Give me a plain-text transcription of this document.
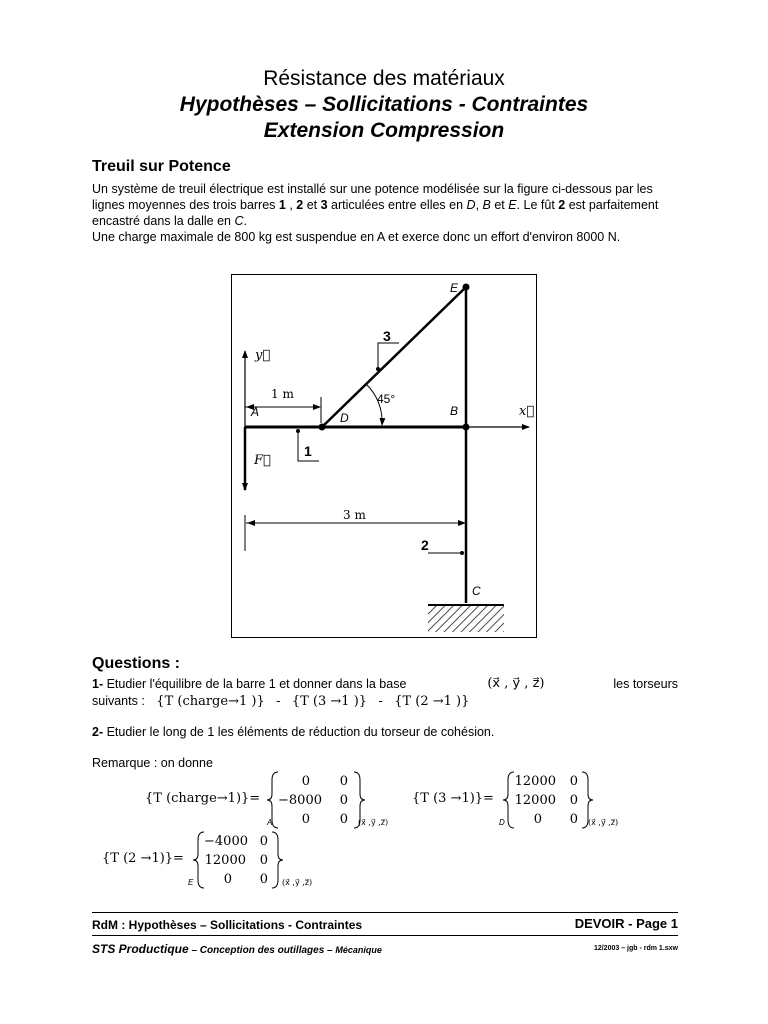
Résistance des matériaux
Hypothèses – Sollicitations - Contraintes
Extension Compression
Treuil sur Potence
Un système de treuil électrique est installé sur une potence modélisée sur la figure ci-dessous par les lignes moyennes des trois barres 1 , 2 et 3 articulées entre elles en D, B et E. Le fût 2 est parfaitement encastré dans la dalle en C.
Une charge maximale de 800 kg est suspendue en A et exerce donc un effort d'environ 8000 N.
E
3
y⃗
1 m	45°
A	D	B	x⃗
F⃗
1
3 m
2
C
Questions :
1- Etudier l'équilibre de la barre 1 et donner dans la base	(x⃗ , y⃗ , z⃗)	les torseurs
suivants : {T (charge→1 )} - {T (3 →1 )} - {T (2 →1 )}
2- Etudier le long de 1 les éléments de réduction du torseur de cohésion.
Remarque : on donne
{T (charge→1)}=
0 0
−8000 0
0 0
A	(x⃗ ,y⃗ ,z⃗)
{T (3 →1)}=
12000 0
12000 0
0 0
D	(x⃗ ,y⃗ ,z⃗)
{T (2 →1)}=
−4000 0
12000 0
0 0
E	(x⃗ ,y⃗ ,z⃗)
RdM : Hypothèses – Sollicitations - Contraintes	DEVOIR - Page 1
STS Productique – Conception des outillages – Mécanique	12/2003 – jgb - rdm 1.sxw
